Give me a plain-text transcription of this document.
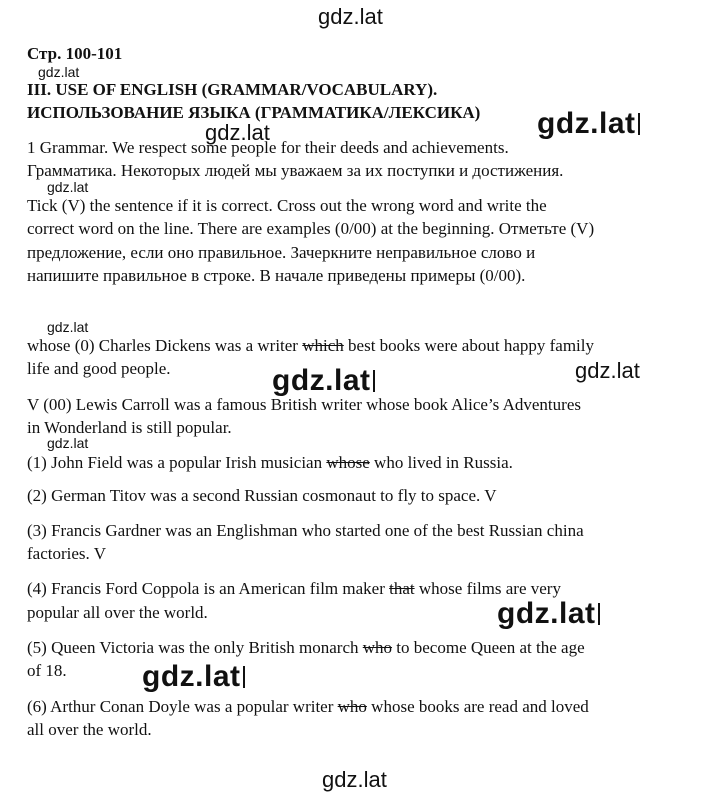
gdz.lat
Стр. 100-101
gdz.lat
III. USE OF ENGLISH (GRAMMAR/VOCABULARY).
ИСПОЛЬЗОВАНИЕ ЯЗЫКА (ГРАММАТИКА/ЛЕКСИКА) gdz.lat
1 Grammar. We respect some people for their deeds and achievements.
gdz.lat
Грамматика. Некоторых людей мы уважаем за их поступки и достижения.
gdz.lat
Tick (V) the sentence if it is correct. Cross out the wrong word and write the
correct word on the line. There are examples (0/00) at the beginning. Отметьте (V)
предложение, если оно правильное. Зачеркните неправильное слово и
напишите правильное в строке. В начале приведены примеры (0/00).
gdz.lat
whose (0) Charles Dickens was a writer which best books were about happy family
life and good people.	gdz.lat	gdz.lat
V (00) Lewis Carroll was a famous British writer whose book Alice’s Adventures
in Wonderland is still popular.
gdz.lat
(1) John Field was a popular Irish musician whose who lived in Russia.
(2) German Titov was a second Russian cosmonaut to fly to space. V
(3) Francis Gardner was an Englishman who started one of the best Russian china
factories. V
(4) Francis Ford Coppola is an American film maker that whose films are very
popular all over the world.	gdz.lat
(5) Queen Victoria was the only British monarch who to become Queen at the age
of 18.	gdz.lat
(6) Arthur Conan Doyle was a popular writer who whose books are read and loved
all over the world.
gdz.lat
